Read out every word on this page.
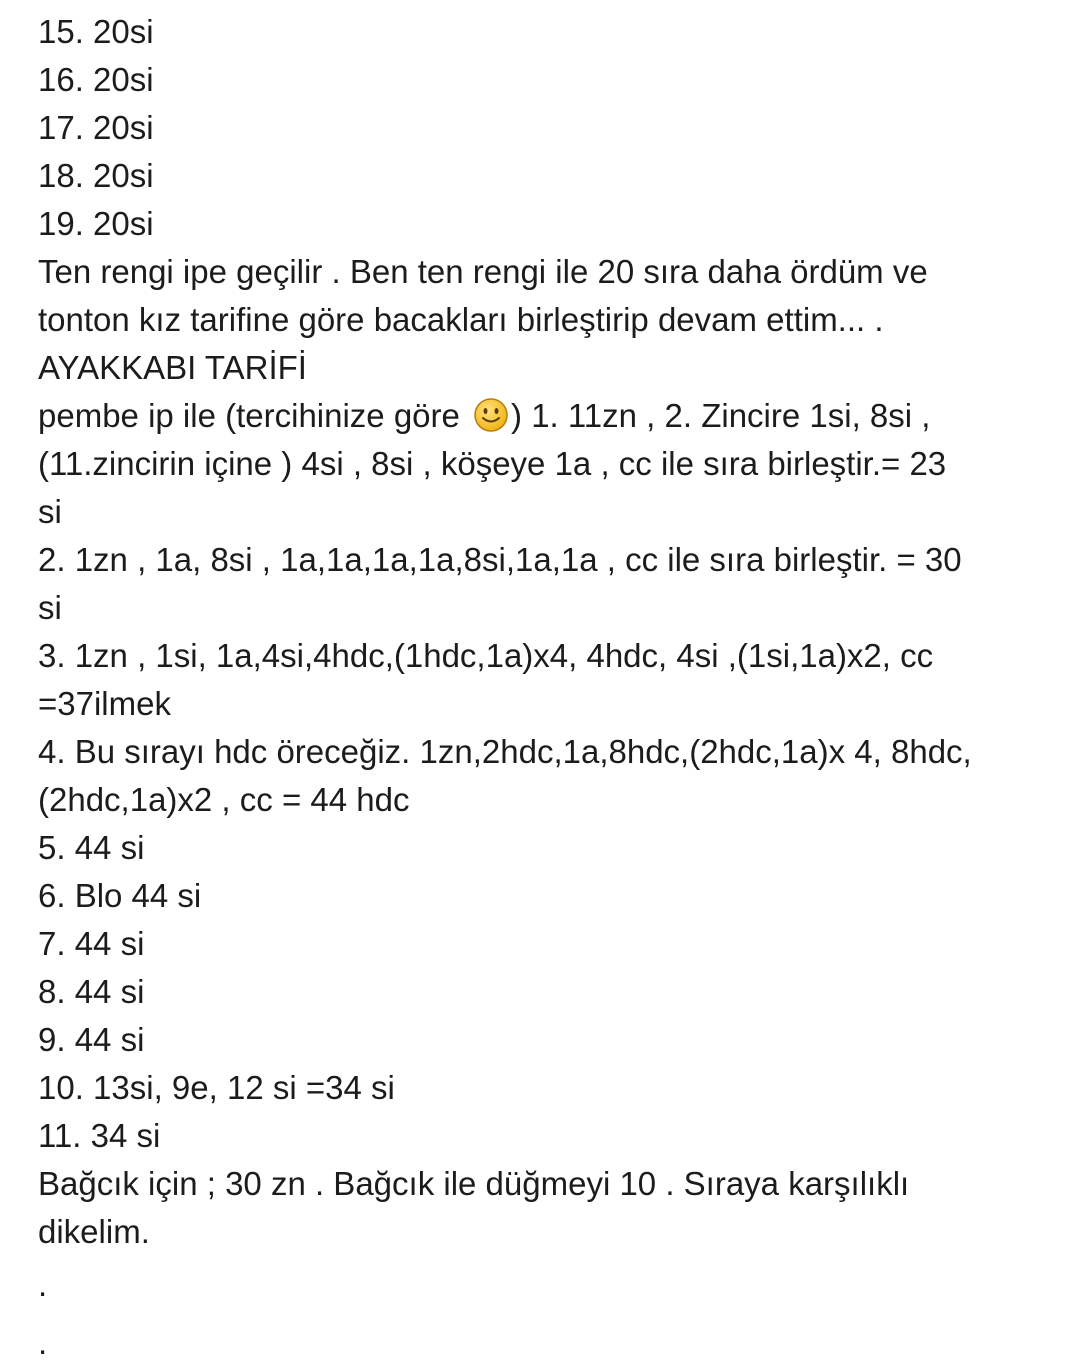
15. 20si
16. 20si
17. 20si
18. 20si
19. 20si
Ten rengi ipe geçilir . Ben ten rengi ile 20 sıra daha ördüm ve
tonton kız tarifine göre bacakları birleştirip devam ettim... .
AYAKKABI TARİFİ
pembe ip ile (tercihinize göre ) 1. 11zn , 2. Zincire 1si, 8si ,
(11.zincirin içine ) 4si , 8si , köşeye 1a , cc ile sıra birleştir.= 23
si
2. 1zn , 1a, 8si , 1a,1a,1a,1a,8si,1a,1a , cc ile sıra birleştir. = 30
si
3. 1zn , 1si, 1a,4si,4hdc,(1hdc,1a)x4, 4hdc, 4si ,(1si,1a)x2, cc
=37ilmek
4. Bu sırayı hdc öreceğiz. 1zn,2hdc,1a,8hdc,(2hdc,1a)x 4, 8hdc,
(2hdc,1a)x2 , cc = 44 hdc
5. 44 si
6. Blo 44 si
7. 44 si
8. 44 si
9. 44 si
10. 13si, 9e, 12 si =34 si
11. 34 si
Bağcık için ; 30 zn . Bağcık ile düğmeyi 10 . Sıraya karşılıklı
dikelim.
.
.
